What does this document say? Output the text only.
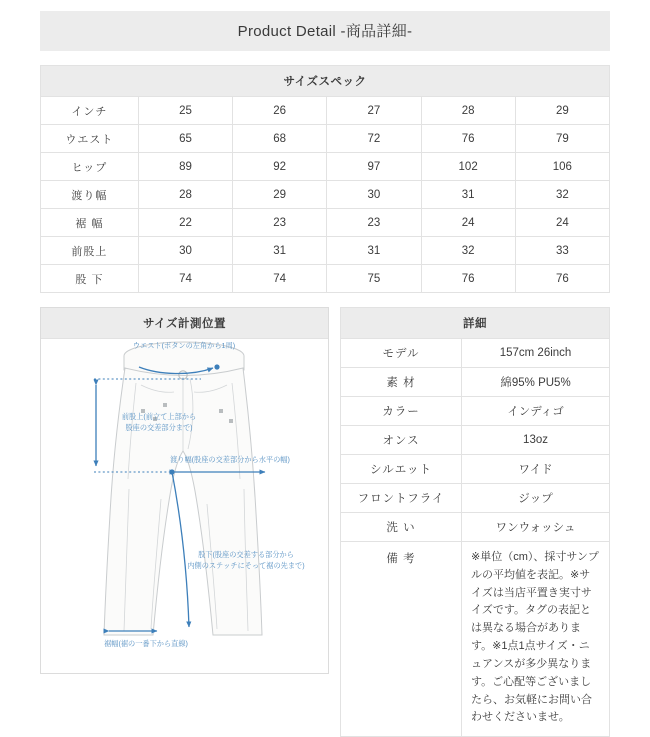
Product Detail -商品詳細-
サイズスペック					
インチ	25	26	27	28	29
ウエスト	65	68	72	76	79
ヒップ	89	92	97	102	106
渡り幅	28	29	30	31	32
裾 幅	22	23	23	24	24
前股上	30	31	31	32	33
股 下	74	74	75	76	76
サイズ計測位置
ウエスト(ボタンの左角から1周)
前股上(前立て上部から
股座の交差部分まで)
渡り幅(股座の交差部分から水平の幅)
股下(股座の交差する部分から
内側のステッチにそって裾の先まで)
裾幅(裾の一番下から直線)
詳細	
モデル	157cm 26inch
素 材	綿95% PU5%
カラー	インディゴ
オンス	13oz
シルエット	ワイド
フロントフライ	ジップ
洗 い	ワンウォッシュ
備 考	※単位（cm）、採寸サンプルの平均値を表記。※サイズは当店平置き実寸サイズです。タグの表記とは異なる場合があります。※1点1点サイズ・ニュアンスが多少異なります。ご心配等ございましたら、お気軽にお問い合わせくださいませ。
